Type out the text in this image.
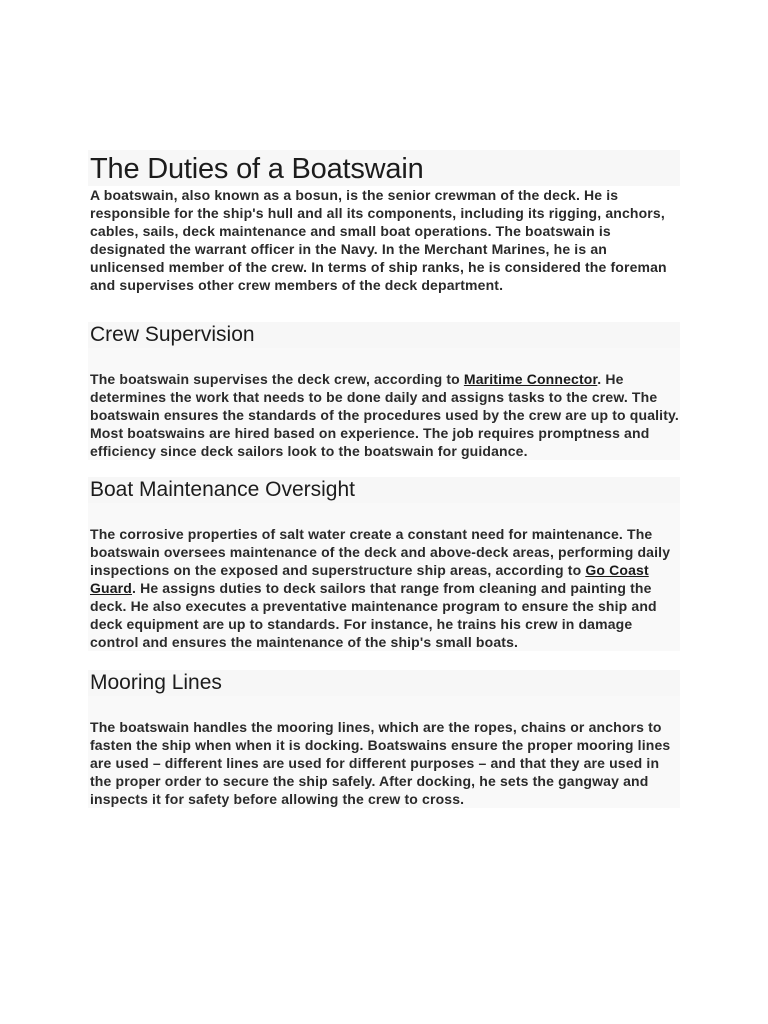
The Duties of a Boatswain

A boatswain, also known as a bosun, is the senior crewman of the deck. He is responsible for the ship's hull and all its components, including its rigging, anchors, cables, sails, deck maintenance and small boat operations. The boatswain is designated the warrant officer in the Navy. In the Merchant Marines, he is an unlicensed member of the crew. In terms of ship ranks, he is considered the foreman and supervises other crew members of the deck department.

Crew Supervision

The boatswain supervises the deck crew, according to Maritime Connector. He determines the work that needs to be done daily and assigns tasks to the crew. The boatswain ensures the standards of the procedures used by the crew are up to quality. Most boatswains are hired based on experience. The job requires promptness and efficiency since deck sailors look to the boatswain for guidance.

Boat Maintenance Oversight

The corrosive properties of salt water create a constant need for maintenance. The boatswain oversees maintenance of the deck and above-deck areas, performing daily inspections on the exposed and superstructure ship areas, according to Go Coast Guard. He assigns duties to deck sailors that range from cleaning and painting the deck. He also executes a preventative maintenance program to ensure the ship and deck equipment are up to standards. For instance, he trains his crew in damage control and ensures the maintenance of the ship's small boats.

Mooring Lines

The boatswain handles the mooring lines, which are the ropes, chains or anchors to fasten the ship when when it is docking. Boatswains ensure the proper mooring lines are used – different lines are used for different purposes – and that they are used in the proper order to secure the ship safely. After docking, he sets the gangway and inspects it for safety before allowing the crew to cross.
